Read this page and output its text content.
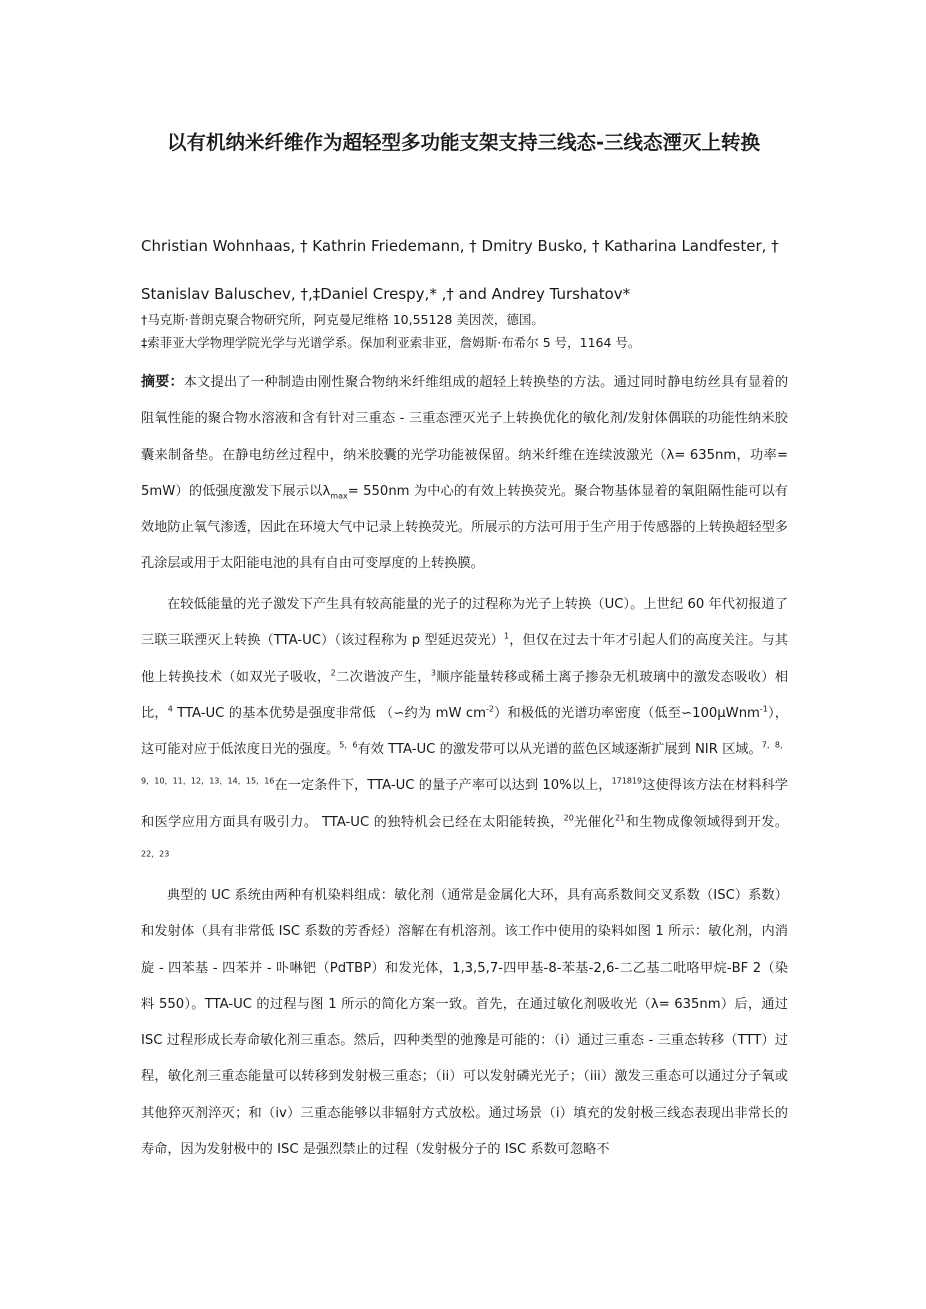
以有机纳米纤维作为超轻型多功能支架支持三线态-三线态湮灭上转换
Christian Wohnhaas, † Kathrin Friedemann, † Dmitry Busko, † Katharina Landfester, †
Stanislav Baluschev, †,‡Daniel Crespy,* ,† and Andrey Turshatov*

†马克斯·普朗克聚合物研究所，阿克曼尼维格 10,55128 美因茨，德国。

‡索菲亚大学物理学院光学与光谱学系。保加利亚索非亚，詹姆斯·布希尔 5 号，1164 号。

摘要：本文提出了一种制造由刚性聚合物纳米纤维组成的超轻上转换垫的方法。通过同时静电纺丝具有显着的阻氧性能的聚合物水溶液和含有针对三重态 - 三重态湮灭光子上转换优化的敏化剂/发射体偶联的功能性纳米胶囊来制备垫。在静电纺丝过程中，纳米胶囊的光学功能被保留。纳米纤维在连续波激光（λ= 635nm，功率= 5mW）的低强度激发下展示以$\lambda_{max}= 550nm$ 为中心的有效上转换荧光。聚合物基体显着的氧阻隔性能可以有效地防止氧气渗透，因此在环境大气中记录上转换荧光。所展示的方法可用于生产用于传感器的上转换超轻型多孔涂层或用于太阳能电池的具有自由可变厚度的上转换膜。

在较低能量的光子激发下产生具有较高能量的光子的过程称为光子上转换（UC）。上世纪 60 年代初报道了三联三联湮灭上转换（TTA-UC）（该过程称为 p 型延迟荧光）$^1$，但仅在过去十年才引起人们的高度关注。与其他上转换技术（如双光子吸收，$^2$二次谐波产生，$^3$顺序能量转移或稀土离子掺杂无机玻璃中的激发态吸收）相比，$^4$ TTA-UC 的基本优势是强度非常低 （∽约为 mW $cm^{-2}$）和极低的光谱功率密度（低至∽100μWnm$^{-1}$），这可能对应于低浓度日光的强度。$^{5,6}$有效 TTA-UC 的激发带可以从光谱的蓝色区域逐渐扩展到 NIR 区域。$^{7,8,9,10,11,12,13,14,15,16}$在一定条件下，TTA-UC 的量子产率可以达到 10%以上，$^{171819}$这使得该方法在材料科学和医学应用方面具有吸引力。 TTA-UC 的独特机会已经在太阳能转换，$^{20}$光催化$^{21}$和生物成像领域得到开发。$^{22,23}$

典型的 UC 系统由两种有机染料组成：敏化剂（通常是金属化大环，具有高系数间交叉系数（ISC）系数）和发射体（具有非常低 ISC 系数的芳香烃）溶解在有机溶剂。该工作中使用的染料如图 1 所示：敏化剂，内消旋 - 四苯基 - 四苯并 - 卟啉钯（PdTBP）和发光体，1,3,5,7-四甲基-8-苯基-2,6-二乙基二吡咯甲烷-BF 2（染料 550）。TTA-UC 的过程与图 1 所示的简化方案一致。首先，在通过敏化剂吸收光（λ= 635nm）后，通过 ISC 过程形成长寿命敏化剂三重态。然后，四种类型的弛豫是可能的：（i）通过三重态 - 三重态转移（TTT）过程，敏化剂三重态能量可以转移到发射极三重态；（ii）可以发射磷光光子；（iii）激发三重态可以通过分子氧或其他猝灭剂淬灭；和（iv）三重态能够以非辐射方式放松。通过场景（i）填充的发射极三线态表现出非常长的寿命，因为发射极中的 ISC 是强烈禁止的过程（发射极分子的 ISC 系数可忽略不
